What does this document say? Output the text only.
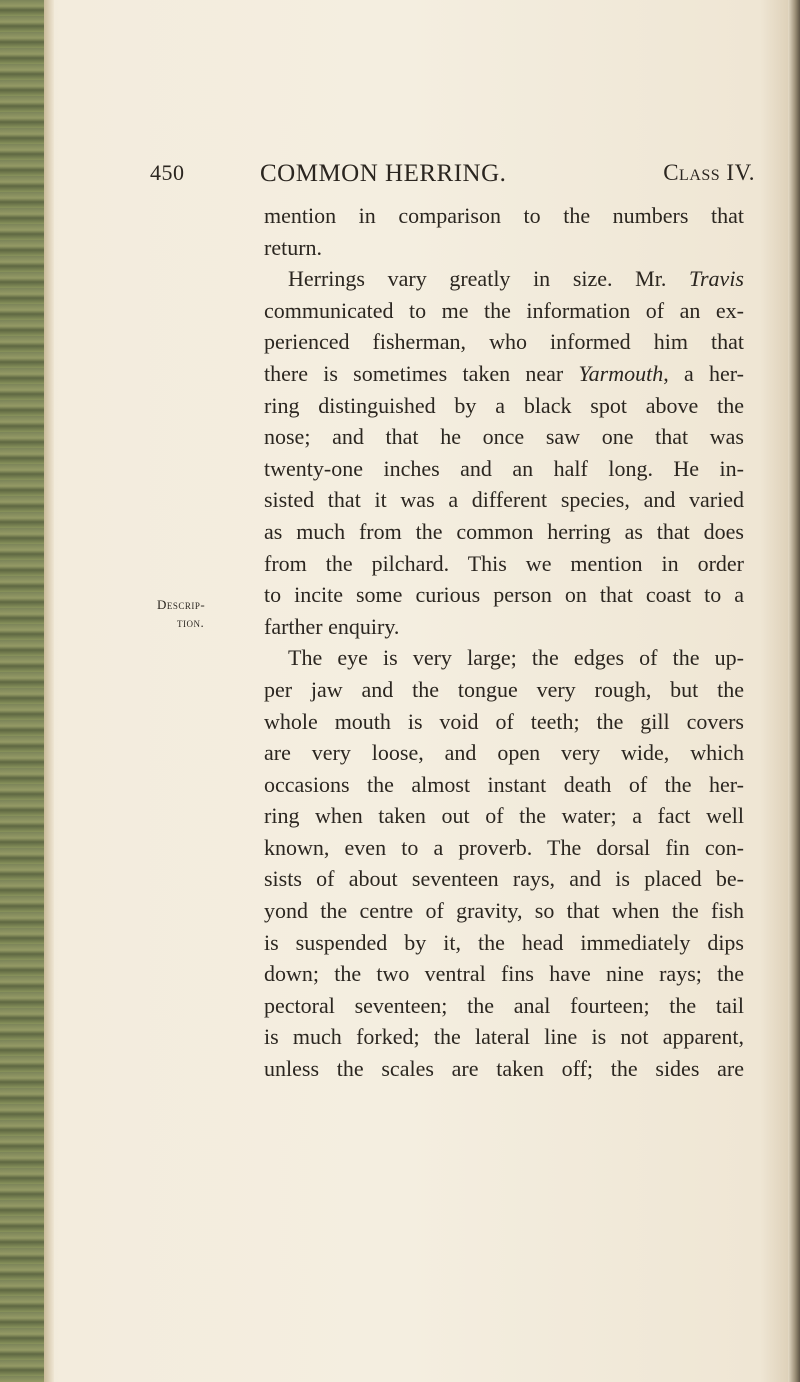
450	COMMON HERRING.	Class IV.
Descrip-
tion.
mention in comparison to the numbers that
return.
Herrings vary greatly in size. Mr. Travis
communicated to me the information of an ex-
perienced fisherman, who informed him that
there is sometimes taken near Yarmouth, a her-
ring distinguished by a black spot above the
nose; and that he once saw one that was
twenty-one inches and an half long. He in-
sisted that it was a different species, and varied
as much from the common herring as that does
from the pilchard. This we mention in order
to incite some curious person on that coast to a
farther enquiry.
The eye is very large; the edges of the up-
per jaw and the tongue very rough, but the
whole mouth is void of teeth; the gill covers
are very loose, and open very wide, which
occasions the almost instant death of the her-
ring when taken out of the water; a fact well
known, even to a proverb. The dorsal fin con-
sists of about seventeen rays, and is placed be-
yond the centre of gravity, so that when the fish
is suspended by it, the head immediately dips
down; the two ventral fins have nine rays; the
pectoral seventeen; the anal fourteen; the tail
is much forked; the lateral line is not apparent,
unless the scales are taken off; the sides are
